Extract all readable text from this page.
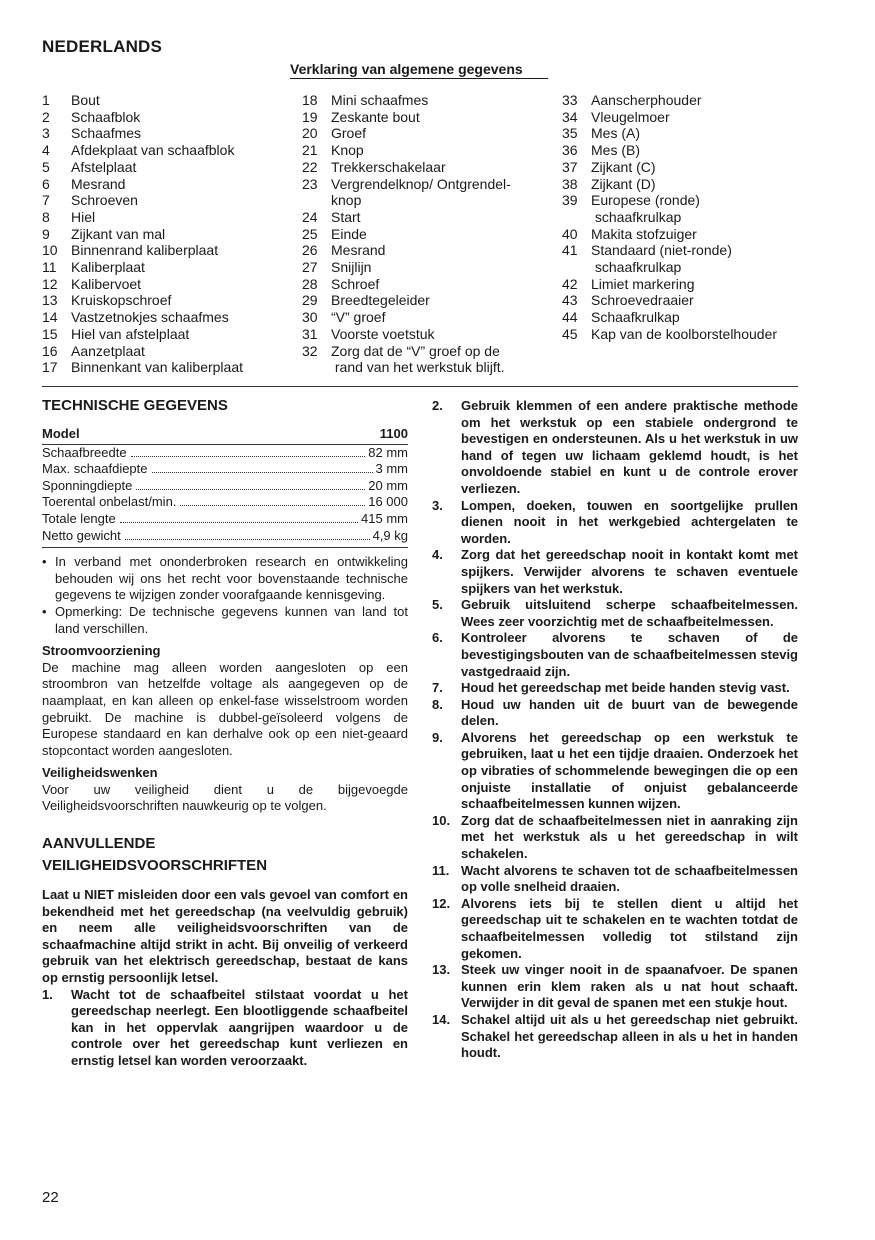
NEDERLANDS
Verklaring van algemene gegevens
1	Bout
2	Schaafblok
3	Schaafmes
4	Afdekplaat van schaafblok
5	Afstelplaat
6	Mesrand
7	Schroeven
8	Hiel
9	Zijkant van mal
10 Binnenrand kaliberplaat
11	Kaliberplaat
12 Kalibervoet
13 Kruiskopschroef
14 Vastzetnokjes schaafmes
15 Hiel van afstelplaat
16 Aanzetplaat
17 Binnenkant van kaliberplaat
18 Mini schaafmes
19 Zeskante bout
20 Groef
21 Knop
22 Trekkerschakelaar
23 Vergrendelknop/ Ontgrendel-
knop
24 Start
25 Einde
26 Mesrand
27 Snijlijn
28 Schroef
29 Breedtegeleider
30 “V” groef
31 Voorste voetstuk
32 Zorg dat de “V” groef op de
rand van het werkstuk blijft.
33 Aanscherphouder
34 Vleugelmoer
35 Mes (A)
36 Mes (B)
37 Zijkant (C)
38 Zijkant (D)
39 Europese (ronde)
schaafkrulkap
40 Makita stofzuiger
41 Standaard (niet-ronde)
schaafkrulkap
42 Limiet markering
43 Schroevedraaier
44 Schaafkrulkap
45 Kap van de koolborstelhouder
TECHNISCHE GEGEVENS
Model	1100
Schaafbreedte	82 mm
Max. schaafdiepte	3 mm
Sponningdiepte	20 mm
Toerental onbelast/min.	16 000
Totale lengte	415 mm
Netto gewicht	4,9 kg
• In verband met ononderbroken research en ontwikkeling behouden wij ons het recht voor bovenstaande technische gegevens te wijzigen zonder voorafgaande kennisgeving.
• Opmerking: De technische gegevens kunnen van land tot land verschillen.
Stroomvoorziening
De machine mag alleen worden aangesloten op een stroombron van hetzelfde voltage als aangegeven op de naamplaat, en kan alleen op enkel-fase wisselstroom worden gebruikt. De machine is dubbel-geïsoleerd volgens de Europese standaard en kan derhalve ook op een niet-geaard stopcontact worden aangesloten.
Veiligheidswenken
Voor uw veiligheid dient u de bijgevoegde Veiligheidsvoorschriften nauwkeurig op te volgen.
AANVULLENDE
VEILIGHEIDSVOORSCHRIFTEN
Laat u NIET misleiden door een vals gevoel van comfort en bekendheid met het gereedschap (na veelvuldig gebruik) en neem alle veiligheidsvoorschriften van de schaafmachine altijd strikt in acht. Bij onveilig of verkeerd gebruik van het elektrisch gereedschap, bestaat de kans op ernstig persoonlijk letsel.
1.	Wacht tot de schaafbeitel stilstaat voordat u het gereedschap neerlegt. Een blootliggende schaafbeitel kan in het oppervlak aangrijpen waardoor u de controle over het gereedschap kunt verliezen en ernstig letsel kan worden veroorzaakt.
2.	Gebruik klemmen of een andere praktische methode om het werkstuk op een stabiele ondergrond te bevestigen en ondersteunen. Als u het werkstuk in uw hand of tegen uw lichaam geklemd houdt, is het onvoldoende stabiel en kunt u de controle erover verliezen.
3.	Lompen, doeken, touwen en soortgelijke prullen dienen nooit in het werkgebied achtergelaten te worden.
4.	Zorg dat het gereedschap nooit in kontakt komt met spijkers. Verwijder alvorens te schaven eventuele spijkers van het werkstuk.
5.	Gebruik uitsluitend scherpe schaafbeitelmessen. Wees zeer voorzichtig met de schaafbeitelmessen.
6.	Kontroleer alvorens te schaven of de bevestigingsbouten van de schaafbeitelmessen stevig vastgedraaid zijn.
7.	Houd het gereedschap met beide handen stevig vast.
8.	Houd uw handen uit de buurt van de bewegende delen.
9.	Alvorens het gereedschap op een werkstuk te gebruiken, laat u het een tijdje draaien. Onderzoek het op vibraties of schommelende bewegingen die op een onjuiste installatie of onjuist gebalanceerde schaafbeitelmessen kunnen wijzen.
10. Zorg dat de schaafbeitelmessen niet in aanraking zijn met het werkstuk als u het gereedschap in wilt schakelen.
11. Wacht alvorens te schaven tot de schaafbeitelmessen op volle snelheid draaien.
12. Alvorens iets bij te stellen dient u altijd het gereedschap uit te schakelen en te wachten totdat de schaafbeitelmessen volledig tot stilstand zijn gekomen.
13. Steek uw vinger nooit in de spaanafvoer. De spanen kunnen erin klem raken als u nat hout schaaft. Verwijder in dit geval de spanen met een stukje hout.
14. Schakel altijd uit als u het gereedschap niet gebruikt. Schakel het gereedschap alleen in als u het in handen houdt.
22
